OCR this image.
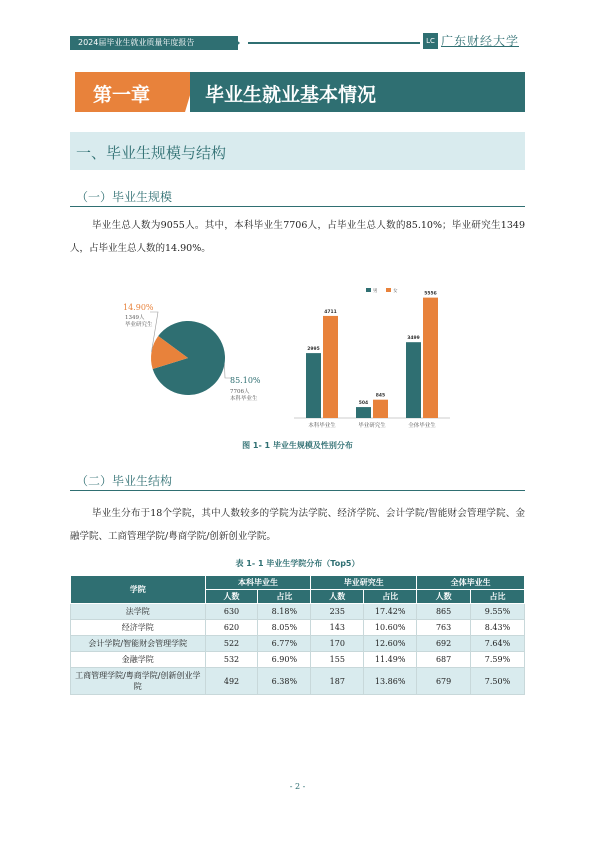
2024届毕业生就业质量年度报告	LC 广东财经大学
第一章	毕业生就业基本情况
一、毕业生规模与结构
（一）毕业生规模
毕业生总人数为9055人。其中，本科毕业生7706人，占毕业生总人数的85.10%；毕业研究生1349人，占毕业生总人数的14.90%。
85.10%
7706人
本科毕业生
14.90%
1349人
毕业研究生
2995
4711
本科毕业生
504
845
毕业研究生
3499
5556
全体毕业生
男	女
图 1- 1 毕业生规模及性别分布
（二）毕业生结构
毕业生分布于18个学院，其中人数较多的学院为法学院、经济学院、会计学院/智能财会管理学院、金融学院、工商管理学院/粤商学院/创新创业学院。
表 1- 1 毕业生学院分布（Top5）
学院	本科毕业生		毕业研究生		全体毕业生	
	人数	占比	人数	占比	人数	占比
法学院	630	8.18%	235	17.42%	865	9.55%
经济学院	620	8.05%	143	10.60%	763	8.43%
会计学院/智能财会管理学院	522	6.77%	170	12.60%	692	7.64%
金融学院	532	6.90%	155	11.49%	687	7.59%
工商管理学院/粤商学院/创新创业学院	492	6.38%	187	13.86%	679	7.50%
- 2 -
